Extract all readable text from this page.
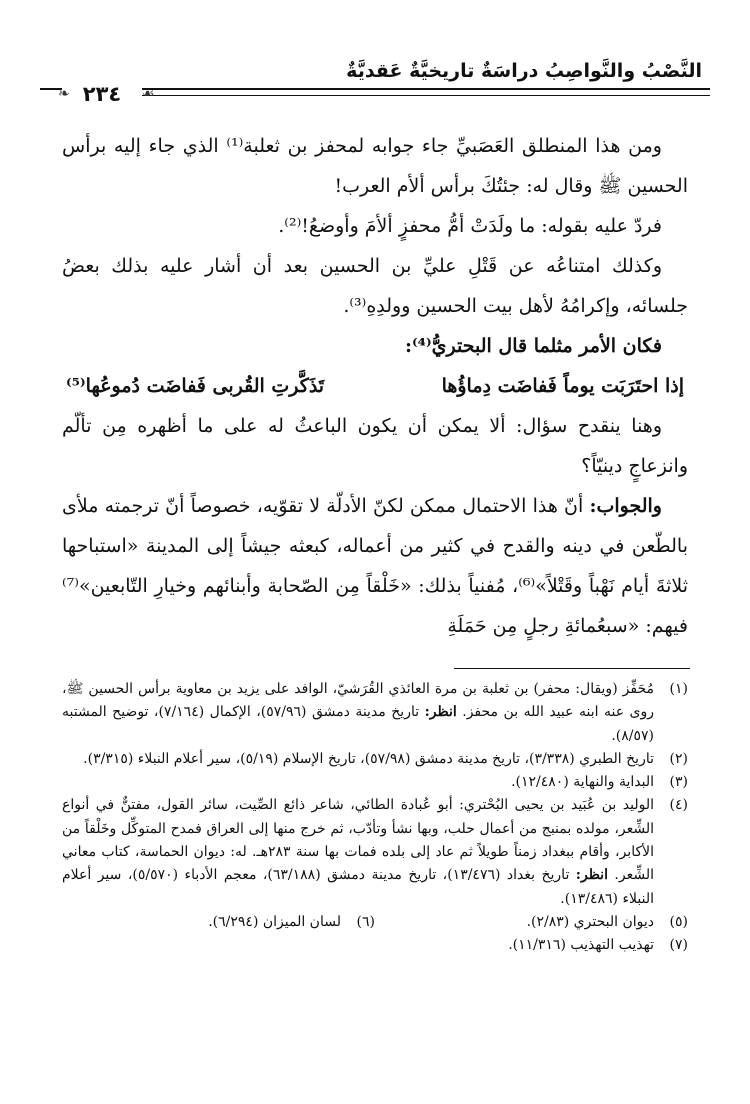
النَّصْبُ والنَّواصِبُ دراسَةٌ تاريخيَّةٌ عَقديَّةٌ
❧ ٢٣٤	☙

ومن هذا المنطلق العَصَبيِّ جاء جوابه لمحفز بن ثعلبة⁽¹⁾ الذي جاء إليه برأس الحسين ﷺ وقال له: جئتُكَ برأس ألأم العرب!

فردّ عليه بقوله: ما ولَدَتْ أمُّ محفزٍ ألأمَ وأوضعُ!⁽²⁾.

وكذلك امتناعُه عن قَتْلِ عليِّ بن الحسين بعد أن أشار عليه بذلك بعضُ جلسائه، وإكرامُهُ لأهل بيت الحسين وولدِهِ⁽³⁾.

فكان الأمر مثلما قال البحتريُّ⁽⁴⁾:

إذا احتَرَبَت يوماً فَفاضَت دِماؤُها
تَذَكَّرتِ القُربى فَفاضَت دُموعُها⁽⁵⁾

وهنا ينقدح سؤال: ألا يمكن أن يكون الباعثُ له على ما أظهره مِن تألّم وانزعاجٍ دينيّاً؟

والجواب: أنّ هذا الاحتمال ممكن لكنّ الأدلّة لا تقوّيه، خصوصاً أنّ ترجمته ملأى بالطّعن في دينه والقدح في كثير من أعماله، كبعثه جيشاً إلى المدينة «استباحها ثلاثةَ أيام نَهْباً وقَتْلاً»⁽⁶⁾، مُفنياً بذلك: «خَلْقاً مِن الصّحابة وأبنائهم وخيارِ التّابعين»⁽⁷⁾ فيهم: «سبعُمائةِ رجلٍ مِن حَمَلَةِ

(١)
مُحَفِّز (ويقال: محفر) بن ثعلبة بن مرة العائذي القُرَشيّ، الوافد على يزيد بن معاوية برأس الحسين ﷺ، روى عنه ابنه عبيد الله بن محفز. انظر: تاريخ مدينة دمشق (٥٧/٩٦)، الإكمال (٧/١٦٤)، توضيح المشتبه (٨/٥٧).
(٢)
تاريخ الطبري (٣/٣٣٨)، تاريخ مدينة دمشق (٥٧/٩٨)، تاريخ الإسلام (٥/١٩)، سير أعلام النبلاء (٣/٣١٥).
(٣)
البداية والنهاية (١٢/٤٨٠).
(٤)
الوليد بن عُبَيد بن يحيى البُحْتري: أبو عُبادة الطائي، شاعر ذائع الصِّيت، سائر القول، مفتنٌّ في أنواع الشِّعر، مولده بمنبج من أعمال حلب، وبها نشأ وتأدّب، ثم خرج منها إلى العراق فمدح المتوكِّل وخَلْقاً من الأكابر، وأقام ببغداد زمناً طويلاً ثم عاد إلى بلده فمات بها سنة ٢٨٣هـ. له: ديوان الحماسة، كتاب معاني الشِّعر. انظر: تاريخ بغداد (١٣/٤٧٦)، تاريخ مدينة دمشق (٦٣/١٨٨)، معجم الأدباء (٥/٥٧٠)، سير أعلام النبلاء (١٣/٤٨٦).
(٥)
ديوان البحتري (٢/٨٣).
(٦)
لسان الميزان (٦/٢٩٤).
(٧)
تهذيب التهذيب (١١/٣١٦).
